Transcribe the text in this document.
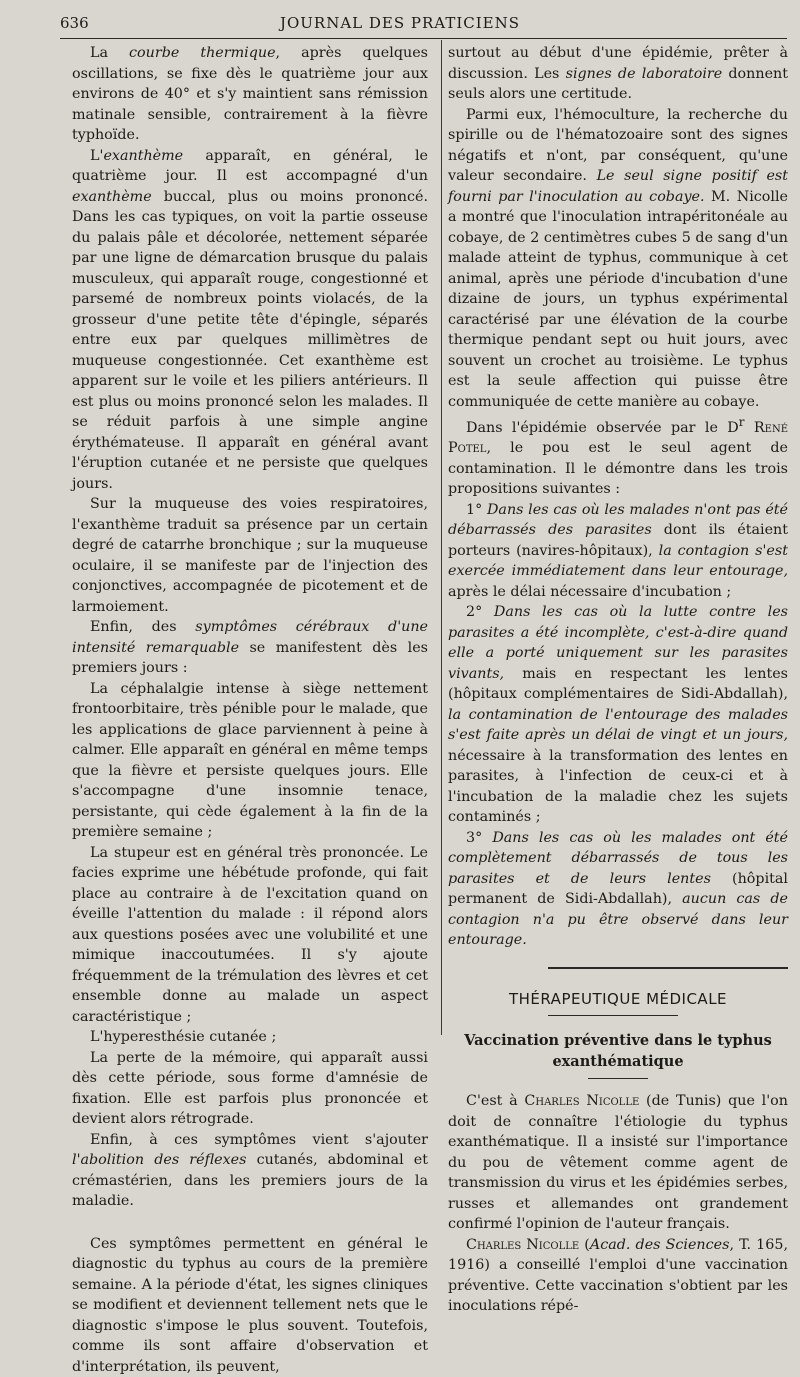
636	JOURNAL DES PRATICIENS

La courbe thermique, après quelques oscillations, se fixe dès le quatrième jour aux environs de 40° et s'y maintient sans rémission matinale sensible, contrairement à la fièvre typhoïde.

L'exanthème apparaît, en général, le quatrième jour. Il est accompagné d'un exanthème buccal, plus ou moins prononcé. Dans les cas typiques, on voit la partie osseuse du palais pâle et décolorée, nettement séparée par une ligne de démarcation brusque du palais musculeux, qui apparaît rouge, congestionné et parsemé de nombreux points violacés, de la grosseur d'une petite tête d'épingle, séparés entre eux par quelques millimètres de muqueuse congestionnée. Cet exanthème est apparent sur le voile et les piliers antérieurs. Il est plus ou moins prononcé selon les malades. Il se réduit parfois à une simple angine érythémateuse. Il apparaît en général avant l'éruption cutanée et ne persiste que quelques jours.

Sur la muqueuse des voies respiratoires, l'exanthème traduit sa présence par un certain degré de catarrhe bronchique ; sur la muqueuse oculaire, il se manifeste par de l'injection des conjonctives, accompagnée de picotement et de larmoiement.

Enfin, des symptômes cérébraux d'une intensité remarquable se manifestent dès les premiers jours :

La céphalalgie intense à siège nettement frontoorbitaire, très pénible pour le malade, que les applications de glace parviennent à peine à calmer. Elle apparaît en général en même temps que la fièvre et persiste quelques jours. Elle s'accompagne d'une insomnie tenace, persistante, qui cède également à la fin de la première semaine ;

La stupeur est en général très prononcée. Le facies exprime une hébétude profonde, qui fait place au contraire à de l'excitation quand on éveille l'attention du malade : il répond alors aux questions posées avec une volubilité et une mimique inaccoutumées. Il s'y ajoute fréquemment de la trémulation des lèvres et cet ensemble donne au malade un aspect caractéristique ;

L'hyperesthésie cutanée ;

La perte de la mémoire, qui apparaît aussi dès cette période, sous forme d'amnésie de fixation. Elle est parfois plus prononcée et devient alors rétrograde.

Enfin, à ces symptômes vient s'ajouter l'abolition des réflexes cutanés, abdominal et crémastérien, dans les premiers jours de la maladie.

Ces symptômes permettent en général le diagnostic du typhus au cours de la première semaine. A la période d'état, les signes cliniques se modifient et deviennent tellement nets que le diagnostic s'impose le plus souvent. Toutefois, comme ils sont affaire d'observation et d'interprétation, ils peuvent,

surtout au début d'une épidémie, prêter à discussion. Les signes de laboratoire donnent seuls alors une certitude.

Parmi eux, l'hémoculture, la recherche du spirille ou de l'hématozoaire sont des signes négatifs et n'ont, par conséquent, qu'une valeur secondaire. Le seul signe positif est fourni par l'inoculation au cobaye. M. Nicolle a montré que l'inoculation intrapéritonéale au cobaye, de 2 centimètres cubes 5 de sang d'un malade atteint de typhus, communique à cet animal, après une période d'incubation d'une dizaine de jours, un typhus expérimental caractérisé par une élévation de la courbe thermique pendant sept ou huit jours, avec souvent un crochet au troisième. Le typhus est la seule affection qui puisse être communiquée de cette manière au cobaye.

Dans l'épidémie observée par le $D^r$ René Potel, le pou est le seul agent de contamination. Il le démontre dans les trois propositions suivantes :

1° Dans les cas où les malades n'ont pas été débarrassés des parasites dont ils étaient porteurs (navires-hôpitaux), la contagion s'est exercée immédiatement dans leur entourage, après le délai nécessaire d'incubation ;

2° Dans les cas où la lutte contre les parasites a été incomplète, c'est-à-dire quand elle a porté uniquement sur les parasites vivants, mais en respectant les lentes (hôpitaux complémentaires de Sidi-Abdallah), la contamination de l'entourage des malades s'est faite après un délai de vingt et un jours, nécessaire à la transformation des lentes en parasites, à l'infection de ceux-ci et à l'incubation de la maladie chez les sujets contaminés ;

3° Dans les cas où les malades ont été complètement débarrassés de tous les parasites et de leurs lentes (hôpital permanent de Sidi-Abdallah), aucun cas de contagion n'a pu être observé dans leur entourage.

THÉRAPEUTIQUE MÉDICALE

Vaccination préventive dans le typhus exanthématique

C'est à Charles Nicolle (de Tunis) que l'on doit de connaître l'étiologie du typhus exanthématique. Il a insisté sur l'importance du pou de vêtement comme agent de transmission du virus et les épidémies serbes, russes et allemandes ont grandement confirmé l'opinion de l'auteur français.

Charles Nicolle (Acad. des Sciences, T. 165, 1916) a conseillé l'emploi d'une vaccination préventive. Cette vaccination s'obtient par les inoculations répé-
